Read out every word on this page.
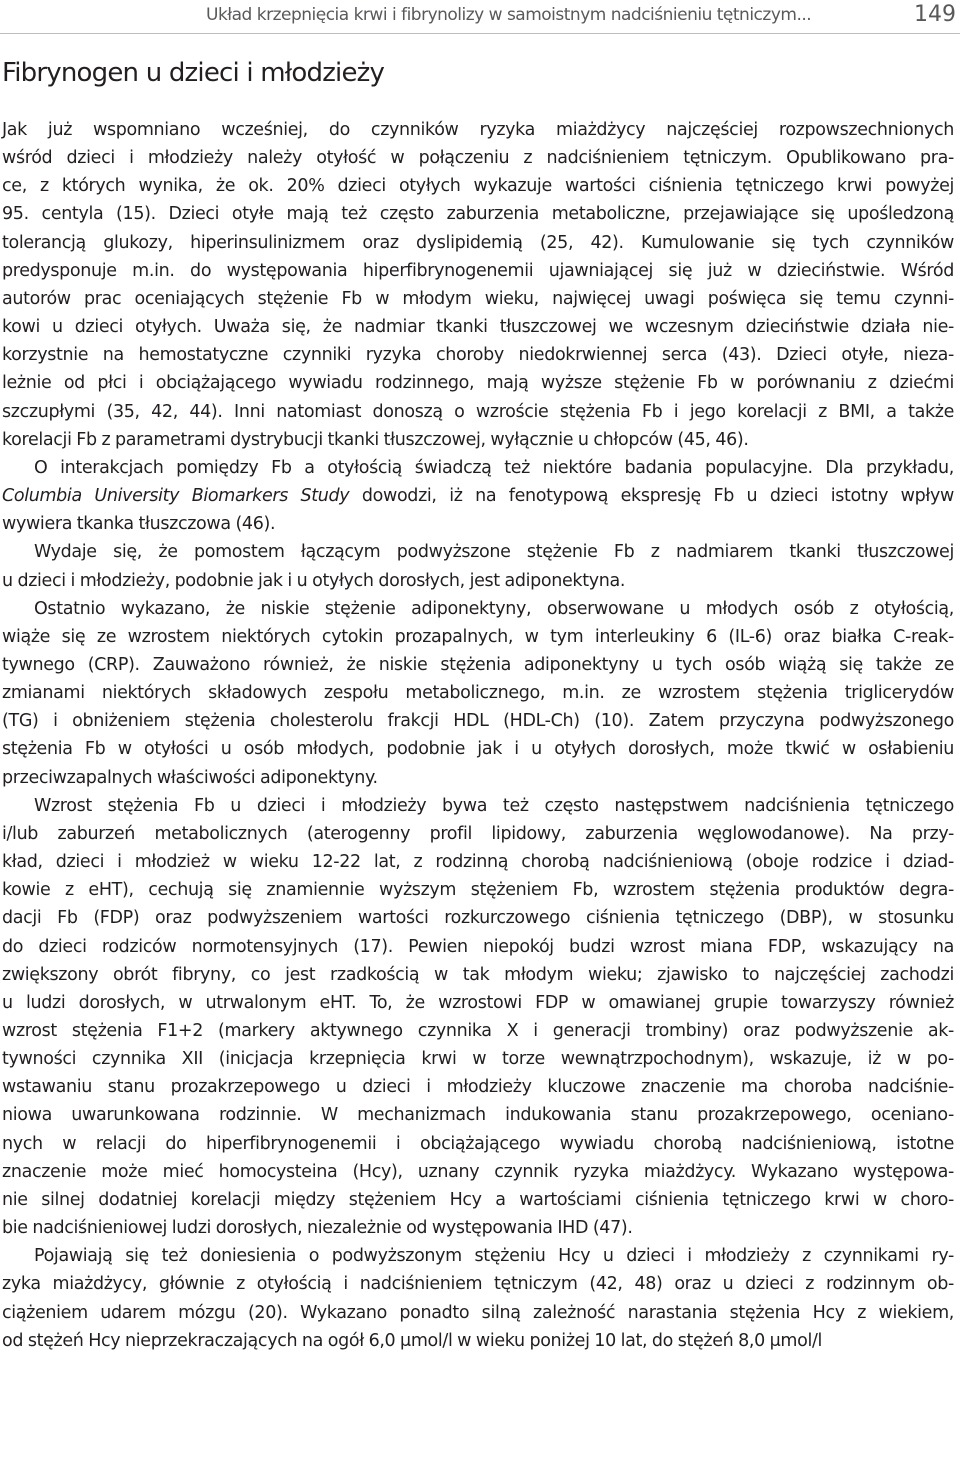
Układ krzepnięcia krwi i fibrynolizy w samoistnym nadciśnieniu tętniczym...	149
Fibrynogen u dzieci i młodzieży

Jak już wspomniano wcześniej, do czynników ryzyka miażdżycy najczęściej rozpowszechnionych
wśród dzieci i młodzieży należy otyłość w połączeniu z nadciśnieniem tętniczym. Opublikowano pra-
ce, z których wynika, że ok. 20% dzieci otyłych wykazuje wartości ciśnienia tętniczego krwi powyżej
95. centyla (15). Dzieci otyłe mają też często zaburzenia metaboliczne, przejawiające się upośledzoną
tolerancją glukozy, hiperinsulinizmem oraz dyslipidemią (25, 42). Kumulowanie się tych czynników
predysponuje m.in. do występowania hiperfibrynogenemii ujawniającej się już w dzieciństwie. Wśród
autorów prac oceniających stężenie Fb w młodym wieku, najwięcej uwagi poświęca się temu czynni-
kowi u dzieci otyłych. Uważa się, że nadmiar tkanki tłuszczowej we wczesnym dzieciństwie działa nie-
korzystnie na hemostatyczne czynniki ryzyka choroby niedokrwiennej serca (43). Dzieci otyłe, nieza-
leżnie od płci i obciążającego wywiadu rodzinnego, mają wyższe stężenie Fb w porównaniu z dziećmi
szczupłymi (35, 42, 44). Inni natomiast donoszą o wzroście stężenia Fb i jego korelacji z BMI, a także
korelacji Fb z parametrami dystrybucji tkanki tłuszczowej, wyłącznie u chłopców (45, 46).

O interakcjach pomiędzy Fb a otyłością świadczą też niektóre badania populacyjne. Dla przykładu,
Columbia University Biomarkers Study dowodzi, iż na fenotypową ekspresję Fb u dzieci istotny wpływ
wywiera tkanka tłuszczowa (46).

Wydaje się, że pomostem łączącym podwyższone stężenie Fb z nadmiarem tkanki tłuszczowej
u dzieci i młodzieży, podobnie jak i u otyłych dorosłych, jest adiponektyna.

Ostatnio wykazano, że niskie stężenie adiponektyny, obserwowane u młodych osób z otyłością,
wiąże się ze wzrostem niektórych cytokin prozapalnych, w tym interleukiny 6 (IL-6) oraz białka C-reak-
tywnego (CRP). Zauważono również, że niskie stężenia adiponektyny u tych osób wiążą się także ze
zmianami niektórych składowych zespołu metabolicznego, m.in. ze wzrostem stężenia triglicerydów
(TG) i obniżeniem stężenia cholesterolu frakcji HDL (HDL-Ch) (10). Zatem przyczyna podwyższonego
stężenia Fb w otyłości u osób młodych, podobnie jak i u otyłych dorosłych, może tkwić w osłabieniu
przeciwzapalnych właściwości adiponektyny.

Wzrost stężenia Fb u dzieci i młodzieży bywa też często następstwem nadciśnienia tętniczego
i/lub zaburzeń metabolicznych (aterogenny profil lipidowy, zaburzenia węglowodanowe). Na przy-
kład, dzieci i młodzież w wieku 12-22 lat, z rodzinną chorobą nadciśnieniową (oboje rodzice i dziad-
kowie z eHT), cechują się znamiennie wyższym stężeniem Fb, wzrostem stężenia produktów degra-
dacji Fb (FDP) oraz podwyższeniem wartości rozkurczowego ciśnienia tętniczego (DBP), w stosunku
do dzieci rodziców normotensyjnych (17). Pewien niepokój budzi wzrost miana FDP, wskazujący na
zwiększony obrót fibryny, co jest rzadkością w tak młodym wieku; zjawisko to najczęściej zachodzi
u ludzi dorosłych, w utrwalonym eHT. To, że wzrostowi FDP w omawianej grupie towarzyszy również
wzrost stężenia F1+2 (markery aktywnego czynnika X i generacji trombiny) oraz podwyższenie ak-
tywności czynnika XII (inicjacja krzepnięcia krwi w torze wewnątrzpochodnym), wskazuje, iż w po-
wstawaniu stanu prozakrzepowego u dzieci i młodzieży kluczowe znaczenie ma choroba nadciśnie-
niowa uwarunkowana rodzinnie. W mechanizmach indukowania stanu prozakrzepowego, oceniano-
nych w relacji do hiperfibrynogenemii i obciążającego wywiadu chorobą nadciśnieniową, istotne
znaczenie może mieć homocysteina (Hcy), uznany czynnik ryzyka miażdżycy. Wykazano występowa-
nie silnej dodatniej korelacji między stężeniem Hcy a wartościami ciśnienia tętniczego krwi w chorо-
bie nadciśnieniowej ludzi dorosłych, niezależnie od występowania IHD (47).

Pojawiają się też doniesienia o podwyższonym stężeniu Hcy u dzieci i młodzieży z czynnikami ry-
zyka miażdżycy, głównie z otyłością i nadciśnieniem tętniczym (42, 48) oraz u dzieci z rodzinnym ob-
ciążeniem udarem mózgu (20). Wykazano ponadto silną zależność narastania stężenia Hcy z wiekiem,
od stężeń Hcy nieprzekraczających na ogół 6,0 μmol/l w wieku poniżej 10 lat, do stężeń 8,0 μmol/l
